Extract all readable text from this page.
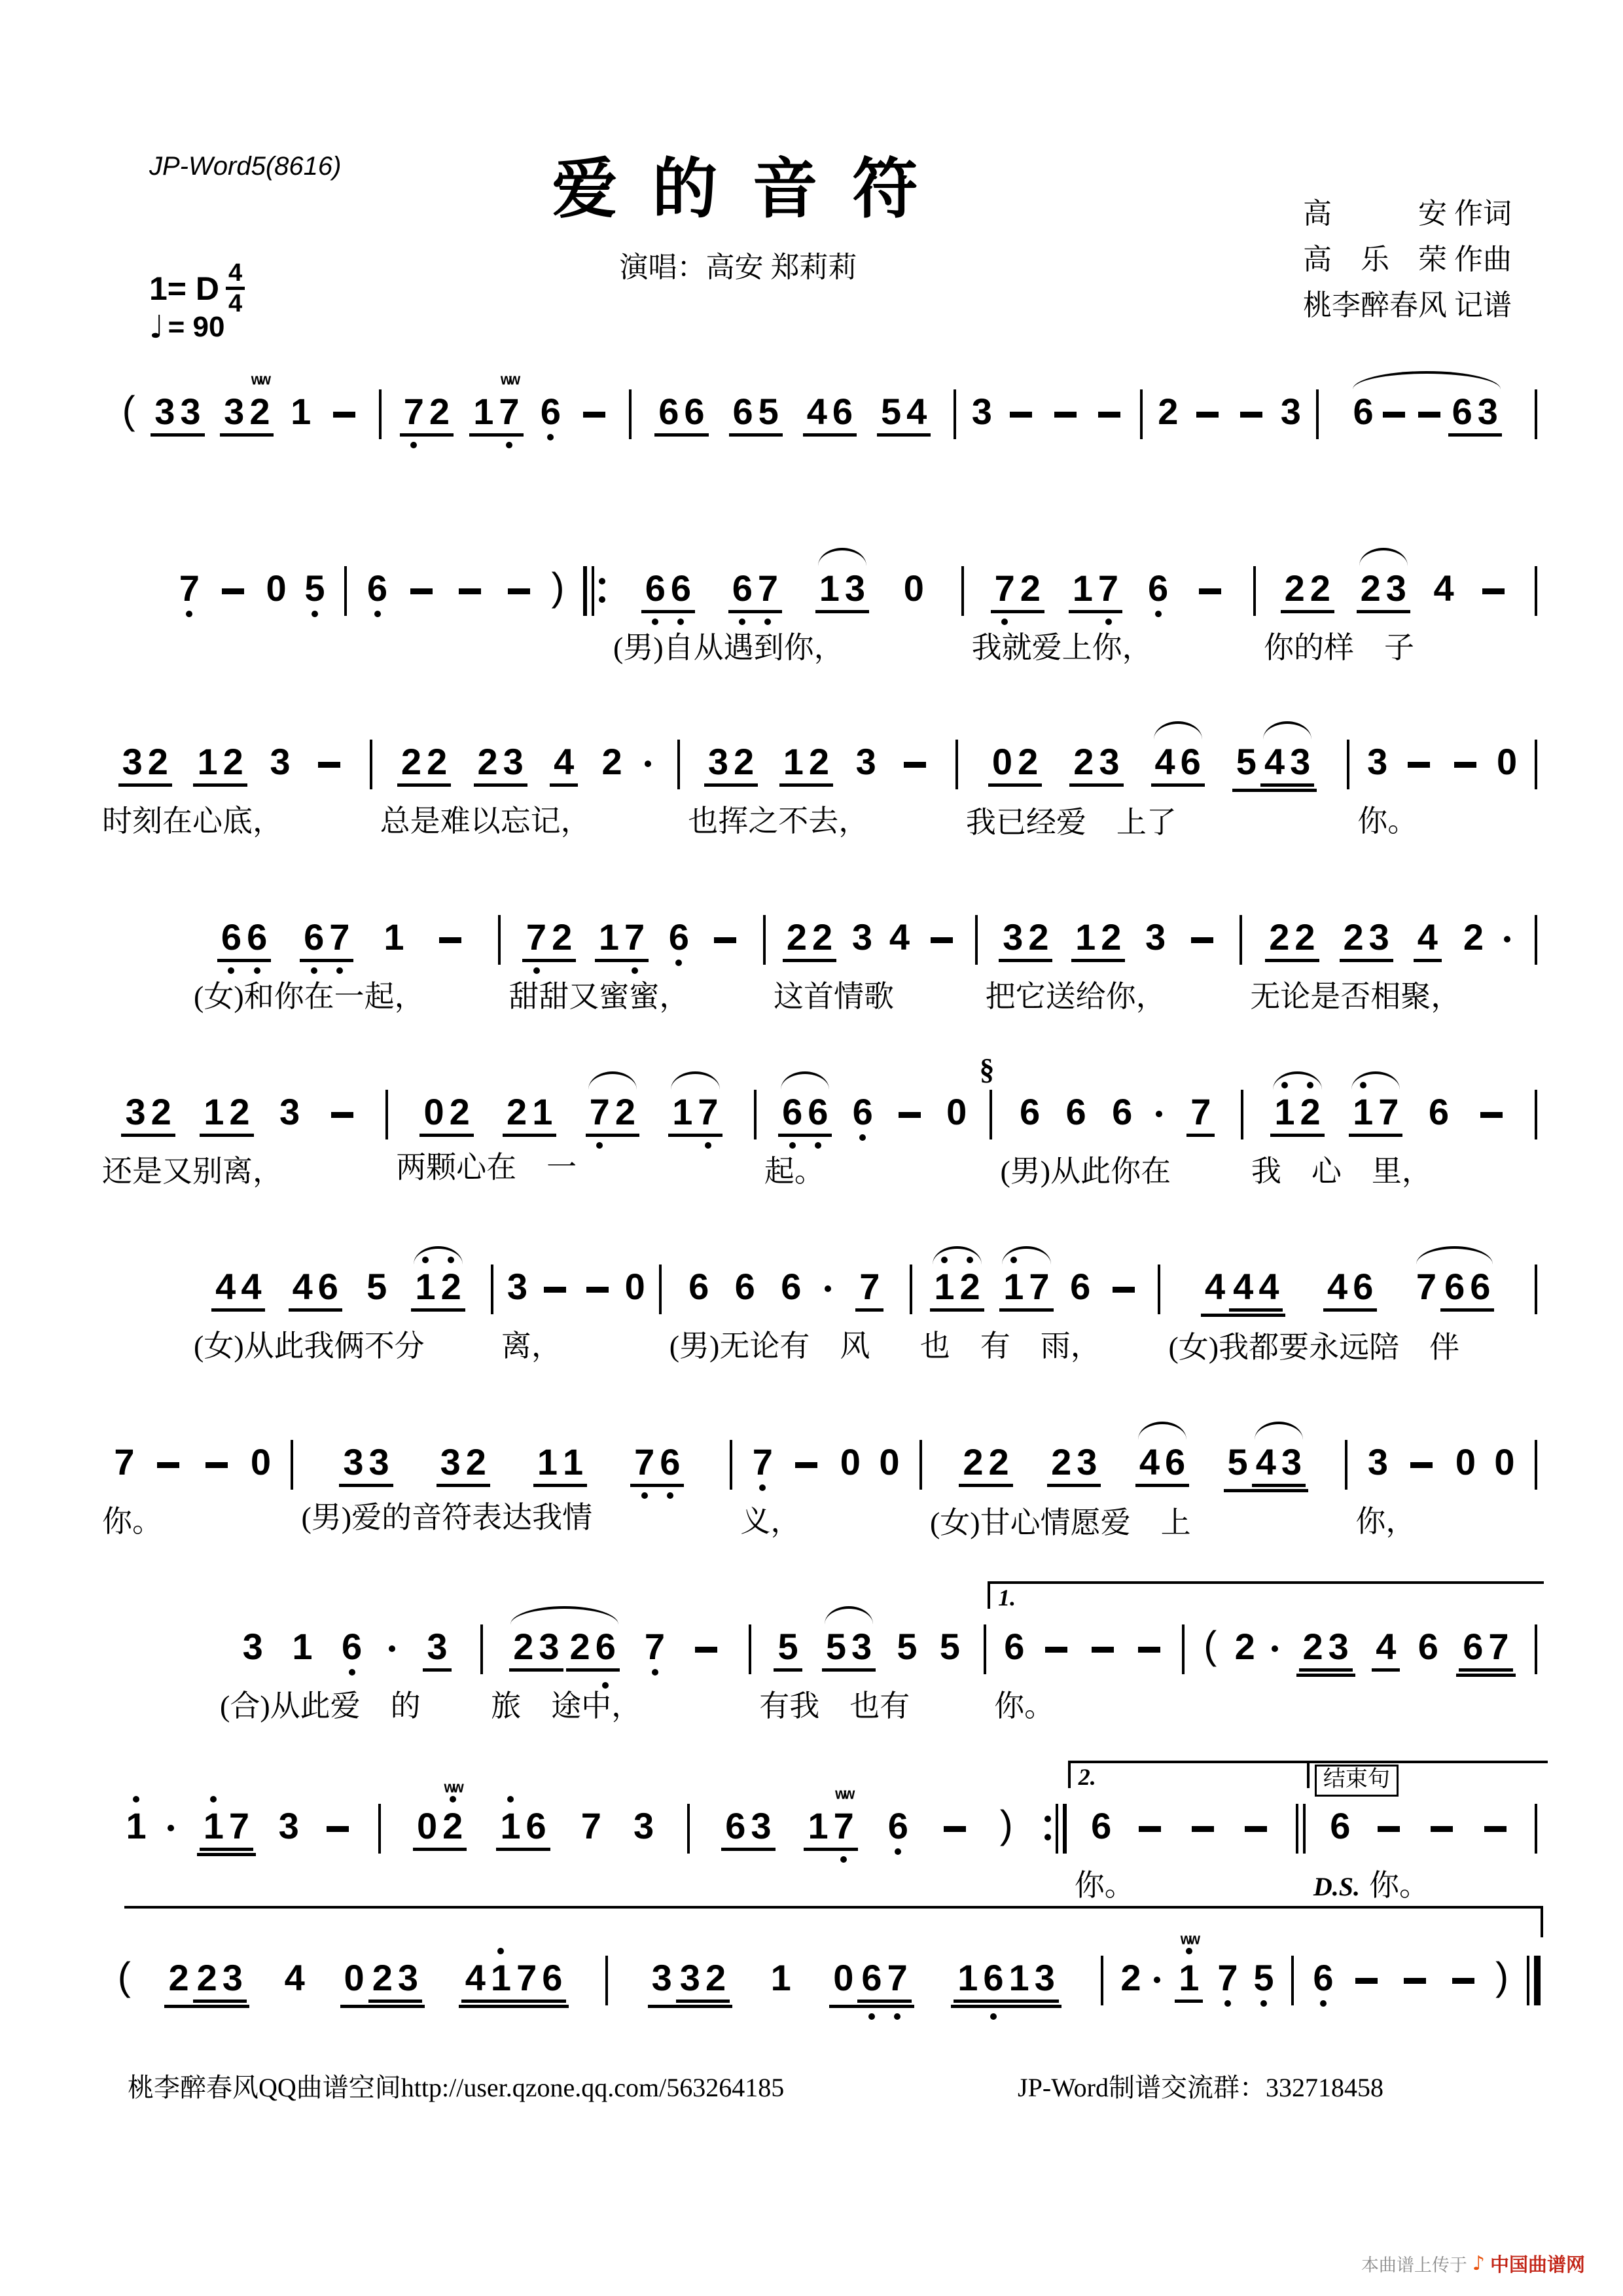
JP-Word5(8616)	爱 的 音 符
演唱：高安 郑莉莉
高　　　安 作词
高　乐　荣 作曲
桃李醉春风 记谱
1= D $\frac{4}{4}$
♩ = 90
( 3 3 3 2
ww
1	7 2 1 7
ww
6	6 6 6 5 4 6 5 4 3	2	3 6 6 3
7 0 5 6	) 6 6 6 7 1 3 0
(男)自从遇到你，
7 2 1 7 6
我就爱上你，
2 2 2 3 4
你的样　子
3 2 1 2 3
时刻在心底，
2 2 2 3 4 2
总是难以忘记，
3 2 1 2 3
也挥之不去，
0 2 2 3 4 6 5 4 3
我已经爱　上了
3	0
你。
6 6 6 7 1
(女)和你在一起，
7 2 1 7 6
甜甜又蜜蜜，
2 2 3 4
这首情歌
3 2 1 2 3
把它送给你，
2 2 2 3 4 2
无论是否相聚，
3 2 1 2 3
还是又别离，
0 2 2 1 7 2 1 7
两颗心在　一
6 6 6 0
起。
§
6 6 6 7
(男)从此你在
1 2 1 7 6
我　心　里，
4 4 4 6 5 1 2
(女)从此我俩不分
3	0
离，
6 6 6 7
(男)无论有　风
1 2 1 7 6
也　有　雨，
4 4 4 4 6 7 6 6
(女)我都要永远陪　伴
7	0
你。
3 3 3 2 1 1 7 6
(男)爱的音符表达我情
7 0 0
义，
2 2 2 3 4 6 5 4 3
(女)甘心情愿爱　上
3 0 0
你，
3 1 6 3
(合)从此爱　的
2 3 2 6 7
旅　途中，
5 5 3 5 5
有我　也有
1.
6
你。
( 2 2 3 4 6 6 7
1 1 7 3	0 2
ww
1 6 7 3 6 3 1 7
ww
6 )
2.
6
你。
结束句
6
D.S. 你。
( 2 2 3 4 0 2 3 4 1 7 6 3 3 2 1 0 6 7 1 6 1 3 2 1
ww
7 5 6	)
桃李醉春风QQ曲谱空间http://user.qzone.qq.com/563264185	JP-Word制谱交流群：332718458
本曲谱上传于 ♪ 中国曲谱网
